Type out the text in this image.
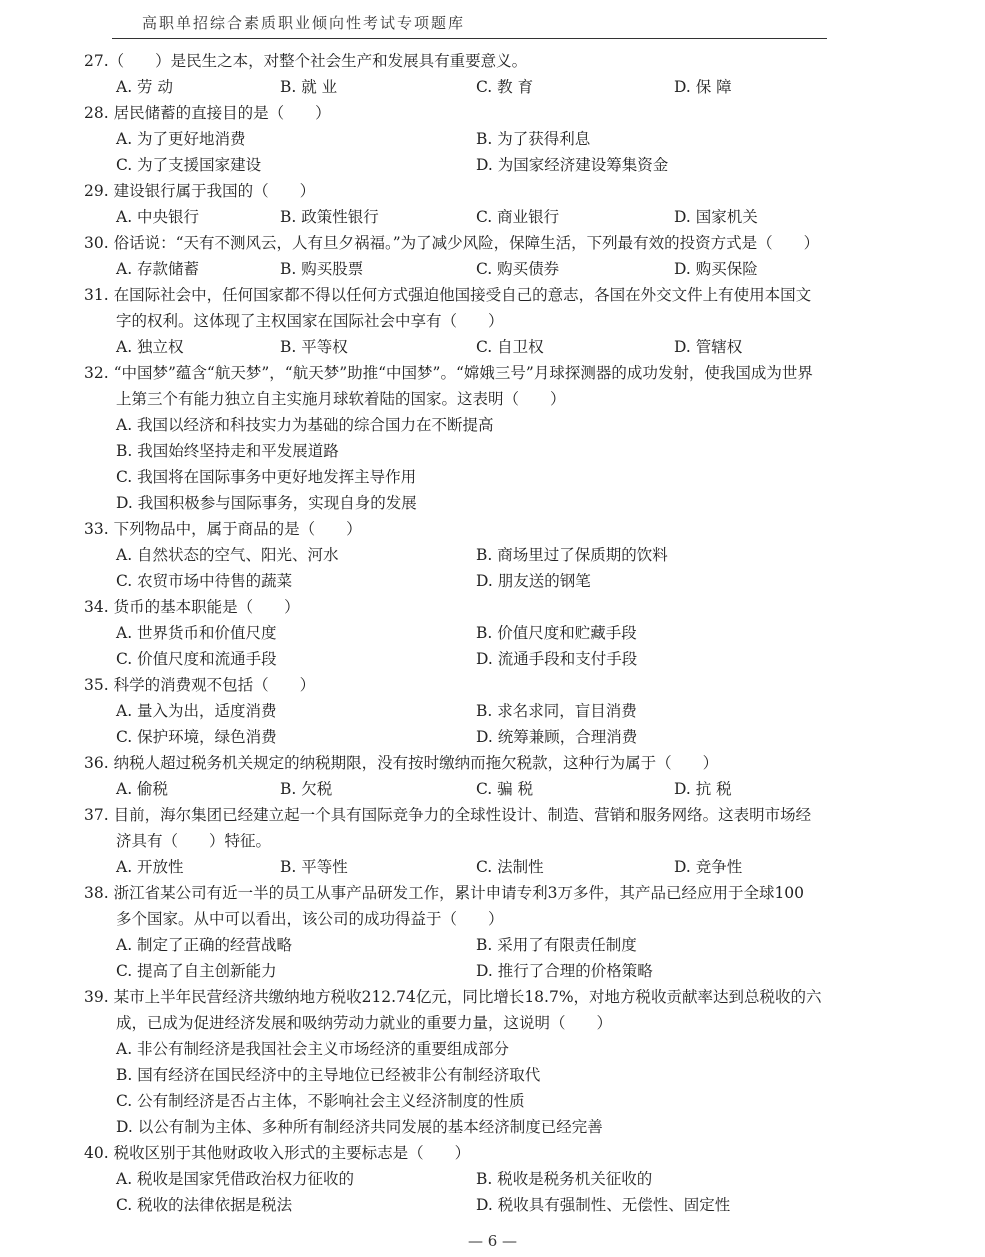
高职单招综合素质职业倾向性考试专项题库
27.（　　）是民生之本，对整个社会生产和发展具有重要意义。
A. 劳 动	B. 就 业	C. 教 育	D. 保 障
28. 居民储蓄的直接目的是（　　）
A. 为了更好地消费	B. 为了获得利息
C. 为了支援国家建设	D. 为国家经济建设筹集资金
29. 建设银行属于我国的（　　）
A. 中央银行	B. 政策性银行	C. 商业银行	D. 国家机关
30. 俗话说：“天有不测风云，人有旦夕祸福。”为了减少风险，保障生活，下列最有效的投资方式是（　　）
A. 存款储蓄	B. 购买股票	C. 购买债券	D. 购买保险
31. 在国际社会中，任何国家都不得以任何方式强迫他国接受自己的意志，各国在外交文件上有使用本国文
字的权利。这体现了主权国家在国际社会中享有（　　）
A. 独立权	B. 平等权	C. 自卫权	D. 管辖权
32. “中国梦”蕴含“航天梦”，“航天梦”助推“中国梦”。“嫦娥三号”月球探测器的成功发射，使我国成为世界
上第三个有能力独立自主实施月球软着陆的国家。这表明（　　）
A. 我国以经济和科技实力为基础的综合国力在不断提高
B. 我国始终坚持走和平发展道路
C. 我国将在国际事务中更好地发挥主导作用
D. 我国积极参与国际事务，实现自身的发展
33. 下列物品中，属于商品的是（　　）
A. 自然状态的空气、阳光、河水	B. 商场里过了保质期的饮料
C. 农贸市场中待售的蔬菜	D. 朋友送的钢笔
34. 货币的基本职能是（　　）
A. 世界货币和价值尺度	B. 价值尺度和贮藏手段
C. 价值尺度和流通手段	D. 流通手段和支付手段
35. 科学的消费观不包括（　　）
A. 量入为出，适度消费	B. 求名求同，盲目消费
C. 保护环境，绿色消费	D. 统筹兼顾，合理消费
36. 纳税人超过税务机关规定的纳税期限，没有按时缴纳而拖欠税款，这种行为属于（　　）
A. 偷税	B. 欠税	C. 骗 税	D. 抗 税
37. 目前，海尔集团已经建立起一个具有国际竞争力的全球性设计、制造、营销和服务网络。这表明市场经
济具有（　　）特征。
A. 开放性	B. 平等性	C. 法制性	D. 竞争性
38. 浙江省某公司有近一半的员工从事产品研发工作，累计申请专利3万多件，其产品已经应用于全球100
多个国家。从中可以看出，该公司的成功得益于（　　）
A. 制定了正确的经营战略	B. 采用了有限责任制度
C. 提高了自主创新能力	D. 推行了合理的价格策略
39. 某市上半年民营经济共缴纳地方税收212.74亿元，同比增长18.7%，对地方税收贡献率达到总税收的六
成，已成为促进经济发展和吸纳劳动力就业的重要力量，这说明（　　）
A. 非公有制经济是我国社会主义市场经济的重要组成部分
B. 国有经济在国民经济中的主导地位已经被非公有制经济取代
C. 公有制经济是否占主体，不影响社会主义经济制度的性质
D. 以公有制为主体、多种所有制经济共同发展的基本经济制度已经完善
40. 税收区别于其他财政收入形式的主要标志是（　　）
A. 税收是国家凭借政治权力征收的	B. 税收是税务机关征收的
C. 税收的法律依据是税法	D. 税收具有强制性、无偿性、固定性
— 6 —
